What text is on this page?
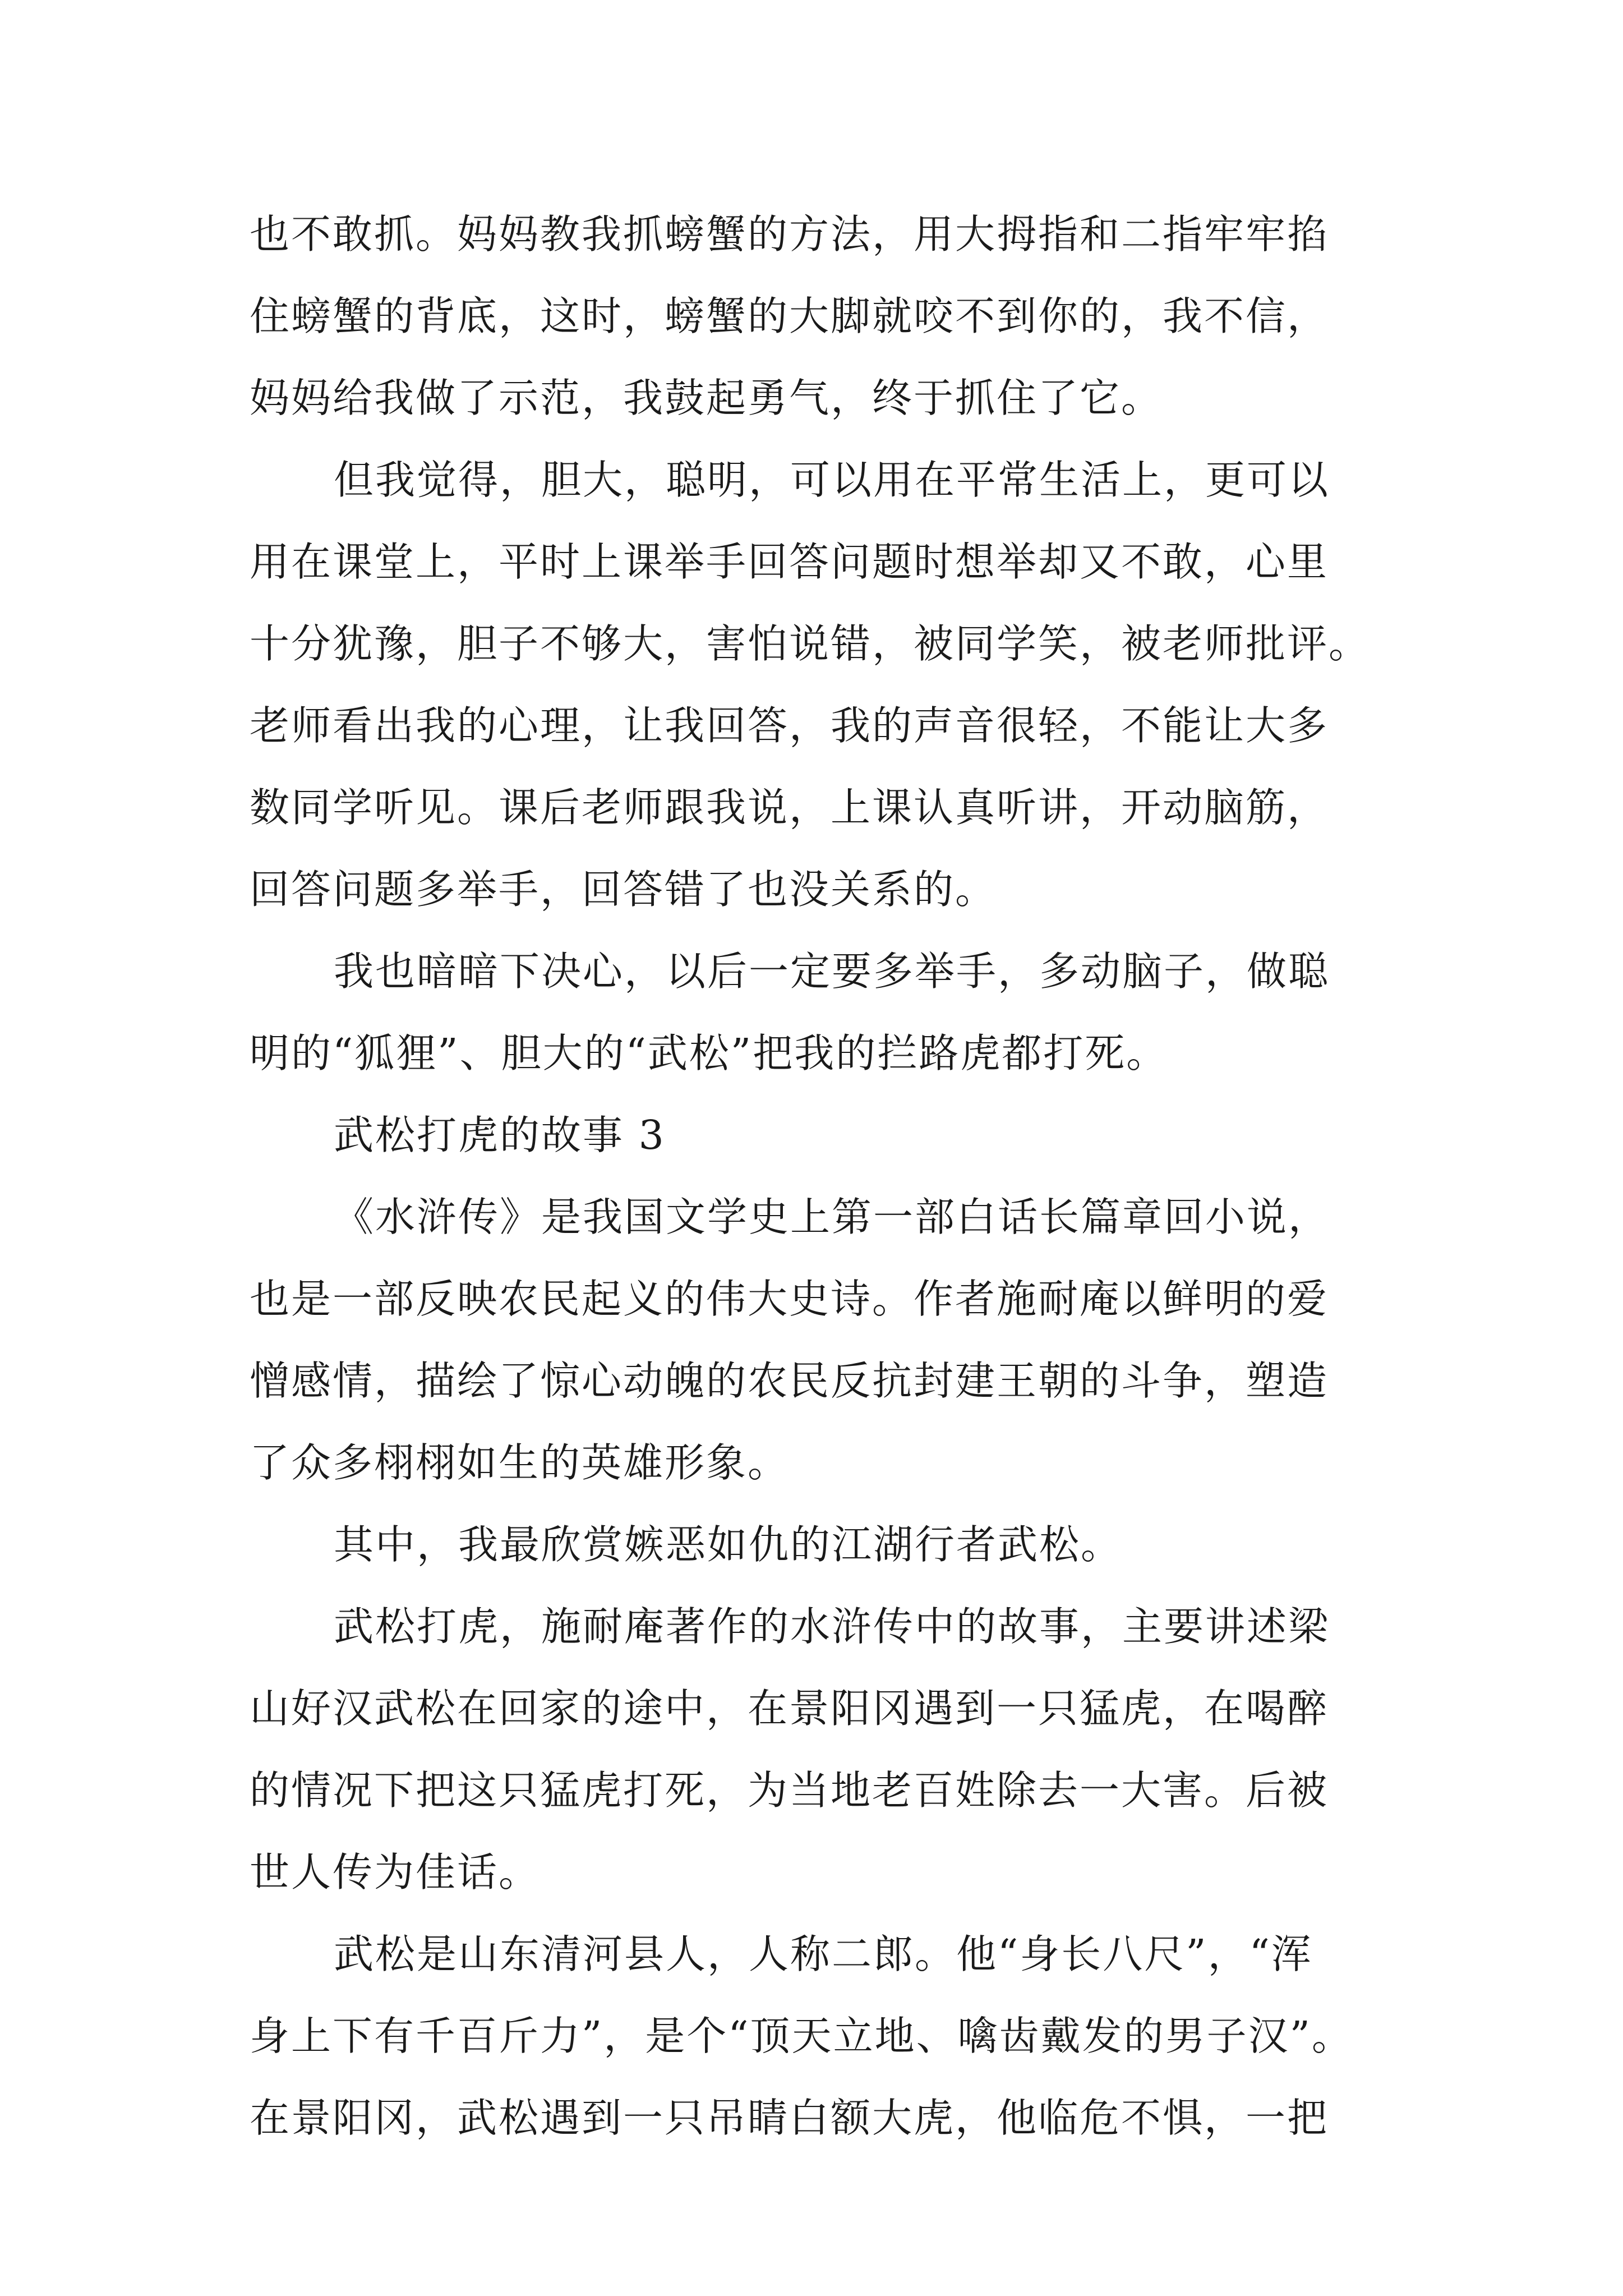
也不敢抓。妈妈教我抓螃蟹的方法，用大拇指和二指牢牢掐
住螃蟹的背底，这时，螃蟹的大脚就咬不到你的，我不信，
妈妈给我做了示范，我鼓起勇气，终于抓住了它。
但我觉得，胆大，聪明，可以用在平常生活上，更可以
用在课堂上，平时上课举手回答问题时想举却又不敢，心里
十分犹豫，胆子不够大，害怕说错，被同学笑，被老师批评。
老师看出我的心理，让我回答，我的声音很轻，不能让大多
数同学听见。课后老师跟我说，上课认真听讲，开动脑筋，
回答问题多举手，回答错了也没关系的。
我也暗暗下决心，以后一定要多举手，多动脑子，做聪
明的“狐狸”、胆大的“武松”把我的拦路虎都打死。
武松打虎的故事 3
《水浒传》是我国文学史上第一部白话长篇章回小说，
也是一部反映农民起义的伟大史诗。作者施耐庵以鲜明的爱
憎感情，描绘了惊心动魄的农民反抗封建王朝的斗争，塑造
了众多栩栩如生的英雄形象。
其中，我最欣赏嫉恶如仇的江湖行者武松。
武松打虎，施耐庵著作的水浒传中的故事，主要讲述梁
山好汉武松在回家的途中，在景阳冈遇到一只猛虎，在喝醉
的情况下把这只猛虎打死，为当地老百姓除去一大害。后被
世人传为佳话。
武松是山东清河县人，人称二郎。他“身长八尺”，“浑
身上下有千百斤力”，是个“顶天立地、噙齿戴发的男子汉”。
在景阳冈，武松遇到一只吊睛白额大虎，他临危不惧，一把
